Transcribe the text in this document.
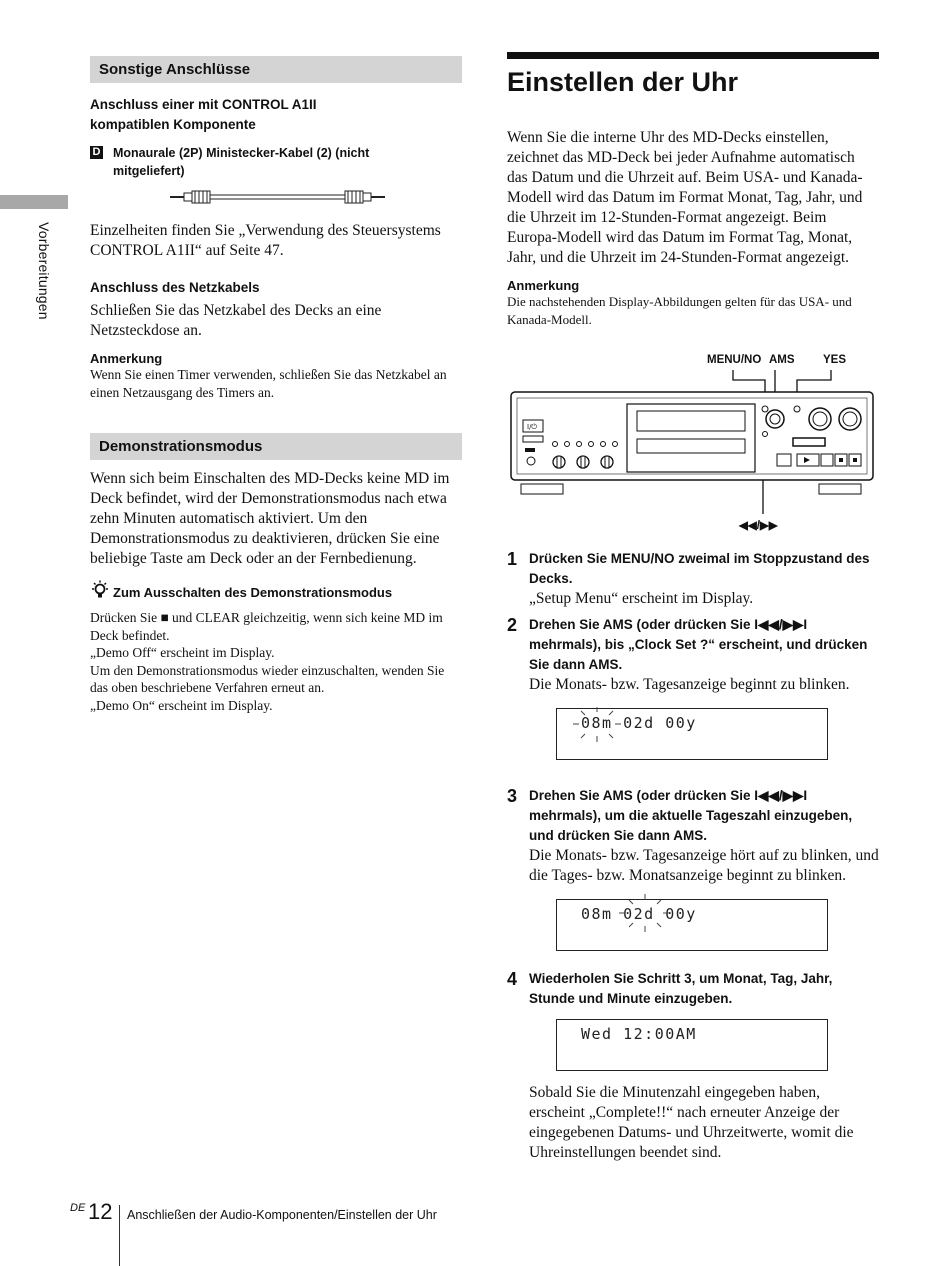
Vorbereitungen
Sonstige Anschlüsse
Anschluss einer mit CONTROL A1II kompatiblen Komponente
D Monaurale (2P) Ministecker-Kabel (2) (nicht mitgeliefert)
Einzelheiten finden Sie „Verwendung des Steuersystems CONTROL A1II“ auf Seite 47.
Anschluss des Netzkabels
Schließen Sie das Netzkabel des Decks an eine Netzsteckdose an.
Anmerkung
Wenn Sie einen Timer verwenden, schließen Sie das Netzkabel an einen Netzausgang des Timers an.
Demonstrationsmodus
Wenn sich beim Einschalten des MD-Decks keine MD im Deck befindet, wird der Demonstrationsmodus nach etwa zehn Minuten automatisch aktiviert. Um den Demonstrationsmodus zu deaktivieren, drücken Sie eine beliebige Taste am Deck oder an der Fernbedienung.
Zum Ausschalten des Demonstrationsmodus
Drücken Sie ■ und CLEAR gleichzeitig, wenn sich keine MD im Deck befindet.
„Demo Off“ erscheint im Display.
Um den Demonstrationsmodus wieder einzuschalten, wenden Sie das oben beschriebene Verfahren erneut an.
„Demo On“ erscheint im Display.
Einstellen der Uhr
Wenn Sie die interne Uhr des MD-Decks einstellen, zeichnet das MD-Deck bei jeder Aufnahme automatisch das Datum und die Uhrzeit auf. Beim USA- und Kanada-Modell wird das Datum im Format Monat, Tag, Jahr, und die Uhrzeit im 12-Stunden-Format angezeigt. Beim Europa-Modell wird das Datum im Format Tag, Monat, Jahr, und die Uhrzeit im 24-Stunden-Format angezeigt.
Anmerkung
Die nachstehenden Display-Abbildungen gelten für das USA- und Kanada-Modell.
MENU/NO AMS YES
◀◀/▶▶
I/⏻
1 Drücken Sie MENU/NO zweimal im Stoppzustand des Decks.
„Setup Menu“ erscheint im Display.
2 Drehen Sie AMS (oder drücken Sie I◀◀/▶▶I mehrmals), bis „Clock Set ?“ erscheint, und drücken Sie dann AMS.
Die Monats- bzw. Tagesanzeige beginnt zu blinken.
08m 02d 00y
3 Drehen Sie AMS (oder drücken Sie I◀◀/▶▶I mehrmals), um die aktuelle Tageszahl einzugeben, und drücken Sie dann AMS.
Die Monats- bzw. Tagesanzeige hört auf zu blinken, und die Tages- bzw. Monatsanzeige beginnt zu blinken.
08m 02d 00y
4 Wiederholen Sie Schritt 3, um Monat, Tag, Jahr, Stunde und Minute einzugeben.
Wed 12:00AM
Sobald Sie die Minutenzahl eingegeben haben, erscheint „Complete!!“ nach erneuter Anzeige der eingegebenen Datums- und Uhrzeitwerte, womit die Uhreinstellungen beendet sind.
DE 12 Anschließen der Audio-Komponenten/Einstellen der Uhr
